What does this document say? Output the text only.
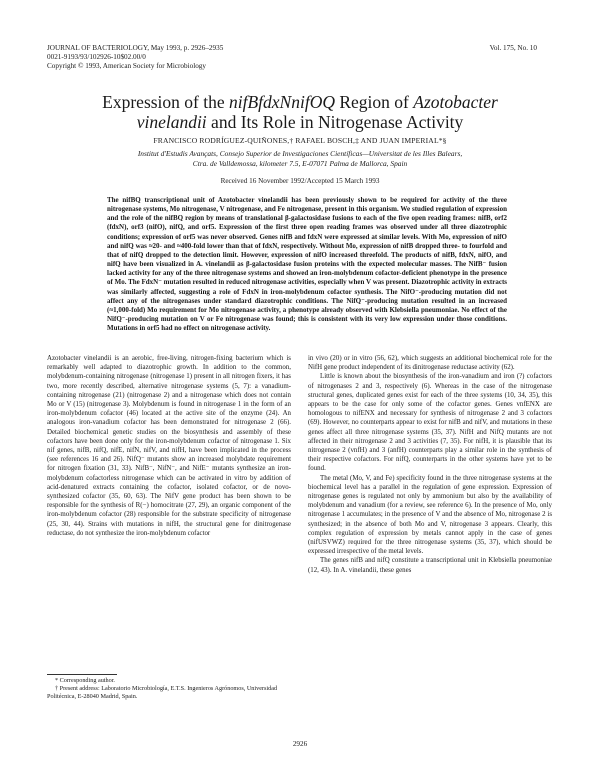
JOURNAL OF BACTERIOLOGY, May 1993, p. 2926–2935
0021-9193/93/102926-10$02.00/0
Copyright © 1993, American Society for Microbiology
Vol. 175, No. 10
Expression of the nifBfdxNnifOQ Region of Azotobacter
vinelandii and Its Role in Nitrogenase Activity
FRANCISCO RODRÍGUEZ-QUIÑONES,† RAFAEL BOSCH,‡ AND JUAN IMPERIAL*§
Institut d'Estudis Avançats, Consejo Superior de Investigaciones Científicas—Universitat de les Illes Balears,
Ctra. de Valldemossa, kilometer 7.5, E-07071 Palma de Mallorca, Spain
Received 16 November 1992/Accepted 15 March 1993
The nifBQ transcriptional unit of Azotobacter vinelandii has been previously shown to be required for activity of the three nitrogenase systems, Mo nitrogenase, V nitrogenase, and Fe nitrogenase, present in this organism. We studied regulation of expression and the role of the nifBQ region by means of translational β-galactosidase fusions to each of the five open reading frames: nifB, orf2 (fdxN), orf3 (nifO), nifQ, and orf5. Expression of the first three open reading frames was observed under all three diazotrophic conditions; expression of orf5 was never observed. Genes nifB and fdxN were expressed at similar levels. With Mo, expression of nifO and nifQ was ≈20- and ≈400-fold lower than that of fdxN, respectively. Without Mo, expression of nifB dropped three- to fourfold and that of nifQ dropped to the detection limit. However, expression of nifO increased threefold. The products of nifB, fdxN, nifO, and nifQ have been visualized in A. vinelandii as β-galactosidase fusion proteins with the expected molecular masses. The NifB⁻ fusion lacked activity for any of the three nitrogenase systems and showed an iron-molybdenum cofactor-deficient phenotype in the presence of Mo. The FdxN⁻ mutation resulted in reduced nitrogenase activities, especially when V was present. Diazotrophic activity in extracts was similarly affected, suggesting a role of FdxN in iron-molybdenum cofactor synthesis. The NifO⁻-producing mutation did not affect any of the nitrogenases under standard diazotrophic conditions. The NifQ⁻-producing mutation resulted in an increased (≈1,000-fold) Mo requirement for Mo nitrogenase activity, a phenotype already observed with Klebsiella pneumoniae. No effect of the NifQ⁻-producing mutation on V or Fe nitrogenase was found; this is consistent with its very low expression under those conditions. Mutations in orf5 had no effect on nitrogenase activity.

Azotobacter vinelandii is an aerobic, free-living, nitrogen-fixing bacterium which is remarkably well adapted to diazotrophic growth. In addition to the common, molybdenum-containing nitrogenase (nitrogenase 1) present in all nitrogen fixers, it has two, more recently described, alternative nitrogenase systems (5, 7): a vanadium-containing nitrogenase (21) (nitrogenase 2) and a nitrogenase which does not contain Mo or V (15) (nitrogenase 3). Molybdenum is found in nitrogenase 1 in the form of an iron-molybdenum cofactor (46) located at the active site of the enzyme (24). An analogous iron-vanadium cofactor has been demonstrated for nitrogenase 2 (66). Detailed biochemical genetic studies on the biosynthesis and assembly of these cofactors have been done only for the iron-molybdenum cofactor of nitrogenase 1. Six nif genes, nifB, nifQ, nifE, nifN, nifV, and nifH, have been implicated in the process (see references 16 and 26). NifQ⁻ mutants show an increased molybdate requirement for nitrogen fixation (31, 33). NifB⁻, NifN⁻, and NifE⁻ mutants synthesize an iron-molybdenum cofactorless nitrogenase which can be activated in vitro by addition of acid-denatured extracts containing the cofactor, isolated cofactor, or de novo-synthesized cofactor (35, 60, 63). The NifV gene product has been shown to be responsible for the synthesis of R(−) homocitrate (27, 29), an organic component of the iron-molybdenum cofactor (28) responsible for the substrate specificity of nitrogenase (25, 30, 44). Strains with mutations in nifH, the structural gene for dinitrogenase reductase, do not synthesize the iron-molybdenum cofactor

in vivo (20) or in vitro (56, 62), which suggests an additional biochemical role for the NifH gene product independent of its dinitrogenase reductase activity (62).

Little is known about the biosynthesis of the iron-vanadium and iron (?) cofactors of nitrogenases 2 and 3, respectively (6). Whereas in the case of the nitrogenase structural genes, duplicated genes exist for each of the three systems (10, 34, 35), this appears to be the case for only some of the cofactor genes. Genes vnfENX are homologous to nifENX and necessary for synthesis of nitrogenase 2 and 3 cofactors (69). However, no counterparts appear to exist for nifB and nifV, and mutations in these genes affect all three nitrogenase systems (35, 37). NifH and NifQ mutants are not affected in their nitrogenase 2 and 3 activities (7, 35). For nifH, it is plausible that its nitrogenase 2 (vnfH) and 3 (anfH) counterparts play a similar role in the synthesis of their respective cofactors. For nifQ, counterparts in the other systems have yet to be found.

The metal (Mo, V, and Fe) specificity found in the three nitrogenase systems at the biochemical level has a parallel in the regulation of gene expression. Expression of nitrogenase genes is regulated not only by ammonium but also by the availability of molybdenum and vanadium (for a review, see reference 6). In the presence of Mo, only nitrogenase 1 accumulates; in the presence of V and the absence of Mo, nitrogenase 2 is synthesized; in the absence of both Mo and V, nitrogenase 3 appears. Clearly, this complex regulation of expression by metals cannot apply in the case of genes (nifUSVWZ) required for the three nitrogenase systems (35, 37), which should be expressed irrespective of the metal levels.

The genes nifB and nifQ constitute a transcriptional unit in Klebsiella pneumoniae (12, 43). In A. vinelandii, these genes

* Corresponding author.
† Present address: Laboratorio Microbiología, E.T.S. Ingenieros Agrónomos, Universidad Politécnica, E-28040 Madrid, Spain.
2926
